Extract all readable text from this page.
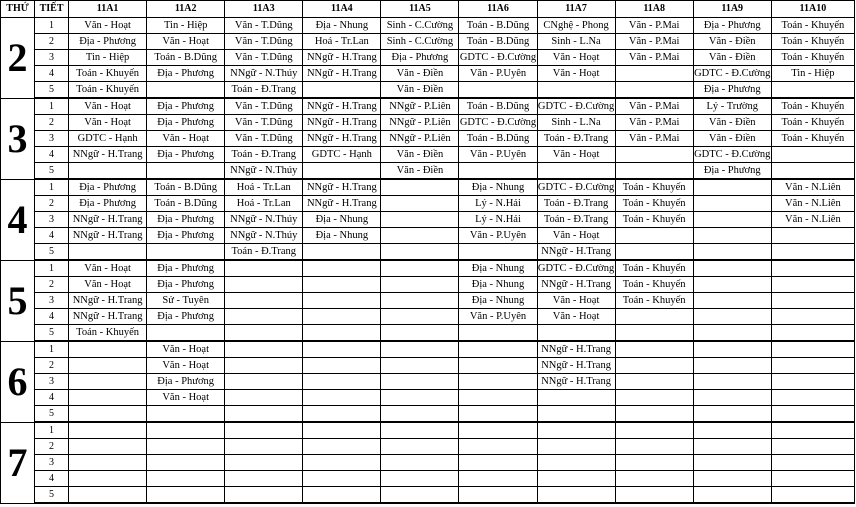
THỨ	TIẾT	11A1	11A2	11A3	11A4	11A5	11A6	11A7	11A8	11A9	11A10
2	1	Văn - Hoạt	Tin - Hiệp	Văn - T.Dũng	Địa - Nhung	Sinh - C.Cường	Toán - B.Dũng	CNghệ - Phong	Văn - P.Mai	Địa - Phương	Toán - Khuyến
	2	Địa - Phương	Văn - Hoạt	Văn - T.Dũng	Hoá - Tr.Lan	Sinh - C.Cường	Toán - B.Dũng	Sinh - L.Na	Văn - P.Mai	Văn - Điền	Toán - Khuyến
	3	Tin - Hiệp	Toán - B.Dũng	Văn - T.Dũng	NNgữ - H.Trang	Địa - Phương	GDTC - Đ.Cường	Văn - Hoạt	Văn - P.Mai	Văn - Điền	Toán - Khuyến
	4	Toán - Khuyến	Địa - Phương	NNgữ - N.Thúy	NNgữ - H.Trang	Văn - Điền	Văn - P.Uyên	Văn - Hoạt		GDTC - Đ.Cường	Tin - Hiệp
	5	Toán - Khuyến		Toán - Đ.Trang		Văn - Điền				Địa - Phương	
3	1	Văn - Hoạt	Địa - Phương	Văn - T.Dũng	NNgữ - H.Trang	NNgữ - P.Liên	Toán - B.Dũng	GDTC - Đ.Cường	Văn - P.Mai	Lý - Trường	Toán - Khuyến
	2	Văn - Hoạt	Địa - Phương	Văn - T.Dũng	NNgữ - H.Trang	NNgữ - P.Liên	GDTC - Đ.Cường	Sinh - L.Na	Văn - P.Mai	Văn - Điền	Toán - Khuyến
	3	GDTC - Hạnh	Văn - Hoạt	Văn - T.Dũng	NNgữ - H.Trang	NNgữ - P.Liên	Toán - B.Dũng	Toán - Đ.Trang	Văn - P.Mai	Văn - Điền	Toán - Khuyến
	4	NNgữ - H.Trang	Địa - Phương	Toán - Đ.Trang	GDTC - Hạnh	Văn - Điền	Văn - P.Uyên	Văn - Hoạt		GDTC - Đ.Cường	
	5			NNgữ - N.Thúy		Văn - Điền				Địa - Phương	
4	1	Địa - Phương	Toán - B.Dũng	Hoá - Tr.Lan	NNgữ - H.Trang		Địa - Nhung	GDTC - Đ.Cường	Toán - Khuyến		Văn - N.Liên
	2	Địa - Phương	Toán - B.Dũng	Hoá - Tr.Lan	NNgữ - H.Trang		Lý - N.Hải	Toán - Đ.Trang	Toán - Khuyến		Văn - N.Liên
	3	NNgữ - H.Trang	Địa - Phương	NNgữ - N.Thúy	Địa - Nhung		Lý - N.Hải	Toán - Đ.Trang	Toán - Khuyến		Văn - N.Liên
	4	NNgữ - H.Trang	Địa - Phương	NNgữ - N.Thúy	Địa - Nhung		Văn - P.Uyên	Văn - Hoạt			
	5			Toán - Đ.Trang				NNgữ - H.Trang			
5	1	Văn - Hoạt	Địa - Phương				Địa - Nhung	GDTC - Đ.Cường	Toán - Khuyến		
	2	Văn - Hoạt	Địa - Phương				Địa - Nhung	NNgữ - H.Trang	Toán - Khuyến		
	3	NNgữ - H.Trang	Sử - Tuyên				Địa - Nhung	Văn - Hoạt	Toán - Khuyến		
	4	NNgữ - H.Trang	Địa - Phương				Văn - P.Uyên	Văn - Hoạt			
	5	Toán - Khuyến									
6	1		Văn - Hoạt					NNgữ - H.Trang			
	2		Văn - Hoạt					NNgữ - H.Trang			
	3		Địa - Phương					NNgữ - H.Trang			
	4		Văn - Hoạt								
	5										
7	1										
	2										
	3										
	4										
	5										
